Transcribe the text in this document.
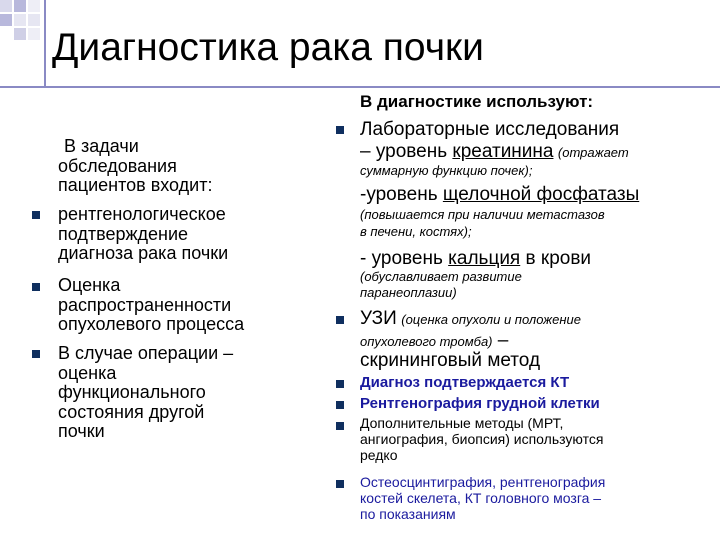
Диагностика рака почки
В задачи
обследования
пациентов входит:
рентгенологическое
подтверждение
диагноза рака почки
Оценка
распространенности
опухолевого процесса
В случае операции –
оценка
функционального
состояния другой
почки
В диагностике используют:
Лабораторные исследования
– уровень креатинина (отражает
суммарную функцию почек);
-уровень щелочной фосфатазы
(повышается при наличии метастазов
в печени, костях);
- уровень кальция в крови
(обуславливает развитие
паранеоплазии)
УЗИ (оценка опухоли и положение
опухолевого тромба) –
скрининговый метод
Диагноз подтверждается КТ
Рентгенография грудной клетки
Дополнительные методы (МРТ,
ангиография, биопсия) используются
редко
Остеосцинтиграфия, рентгенография
костей скелета, КТ головного мозга –
по показаниям
